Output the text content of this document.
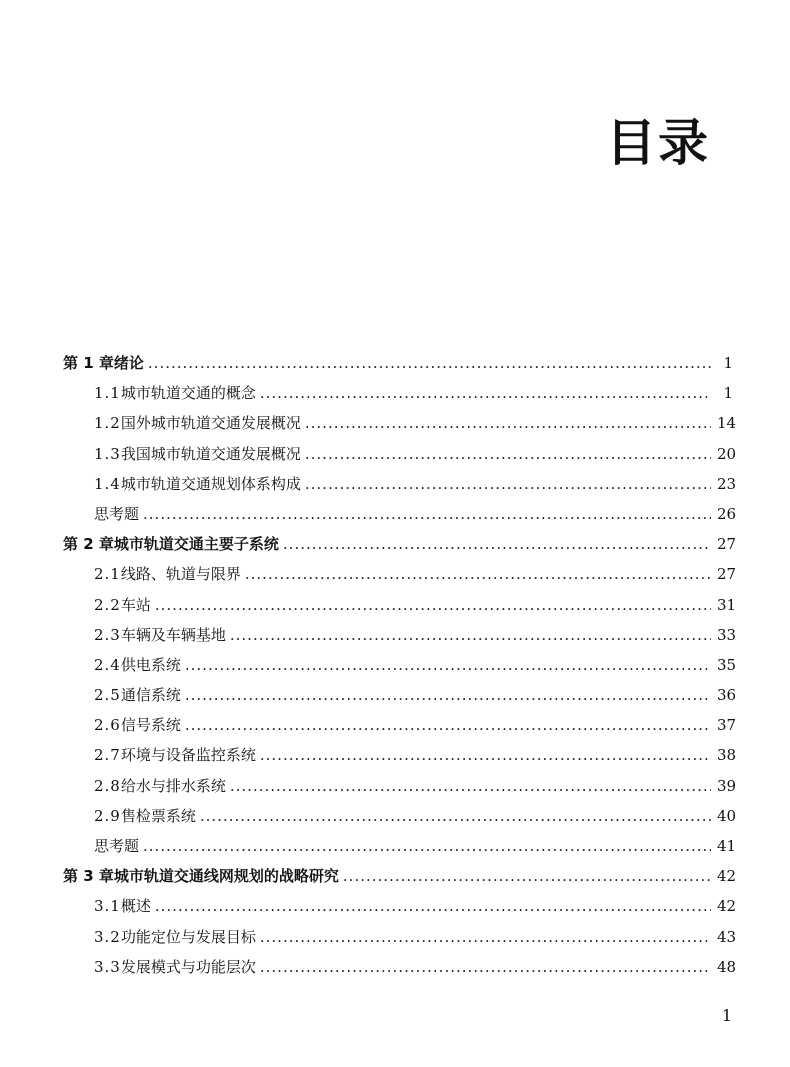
目录
第 1 章 绪论 .....	1
1.1 城市轨道交通的概念 .....	1
1.2 国外城市轨道交通发展概况 .....	14
1.3 我国城市轨道交通发展概况 .....	20
1.4 城市轨道交通规划体系构成 .....	23
思考题 .....	26
第 2 章 城市轨道交通主要子系统 .....	27
2.1 线路、轨道与限界 .....	27
2.2 车站 .....	31
2.3 车辆及车辆基地 .....	33
2.4 供电系统 .....	35
2.5 通信系统 .....	36
2.6 信号系统 .....	37
2.7 环境与设备监控系统 .....	38
2.8 给水与排水系统 .....	39
2.9 售检票系统 .....	40
思考题 .....	41
第 3 章 城市轨道交通线网规划的战略研究 .....	42
3.1 概述 .....	42
3.2 功能定位与发展目标 .....	43
3.3 发展模式与功能层次 .....	48
1
